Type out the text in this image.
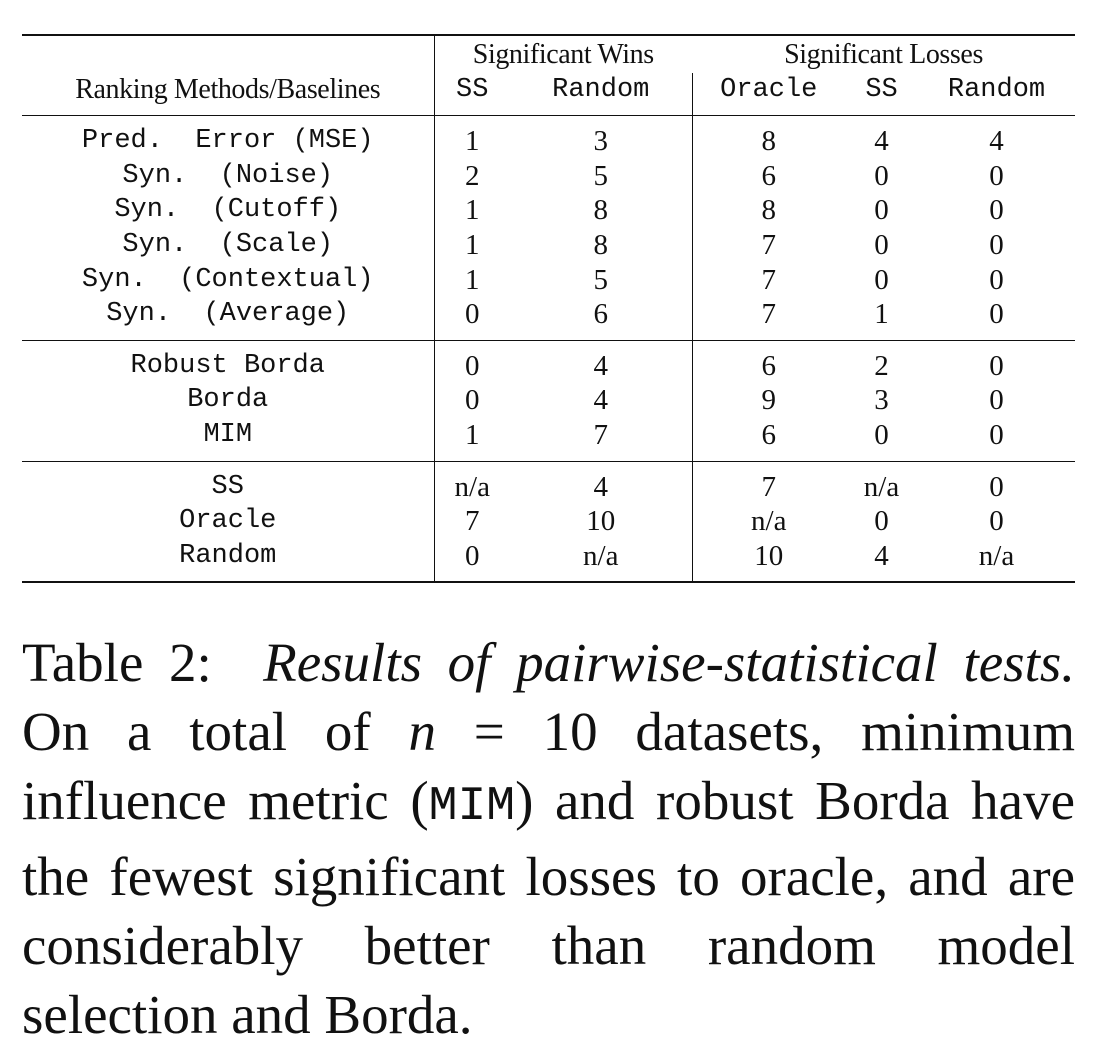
	Significant Wins		Significant Losses		
Ranking Methods/Baselines	SS	Random	Oracle	SS	Random
Pred.  Error (MSE)	1	3	8	4	4
Syn.  (Noise)	2	5	6	0	0
Syn.  (Cutoff)	1	8	8	0	0
Syn.  (Scale)	1	8	7	0	0
Syn.  (Contextual)	1	5	7	0	0
Syn.  (Average)	0	6	7	1	0
Robust Borda	0	4	6	2	0
Borda	0	4	9	3	0
MIM	1	7	6	0	0
SS	n/a	4	7	n/a	0
Oracle	7	10	n/a	0	0
Random	0	n/a	10	4	n/a

Table 2: Results of pairwise-statistical tests. On a total of n = 10 datasets, minimum influence metric (MIM) and robust Borda have the fewest significant losses to oracle, and are considerably better than random model selection and Borda.
